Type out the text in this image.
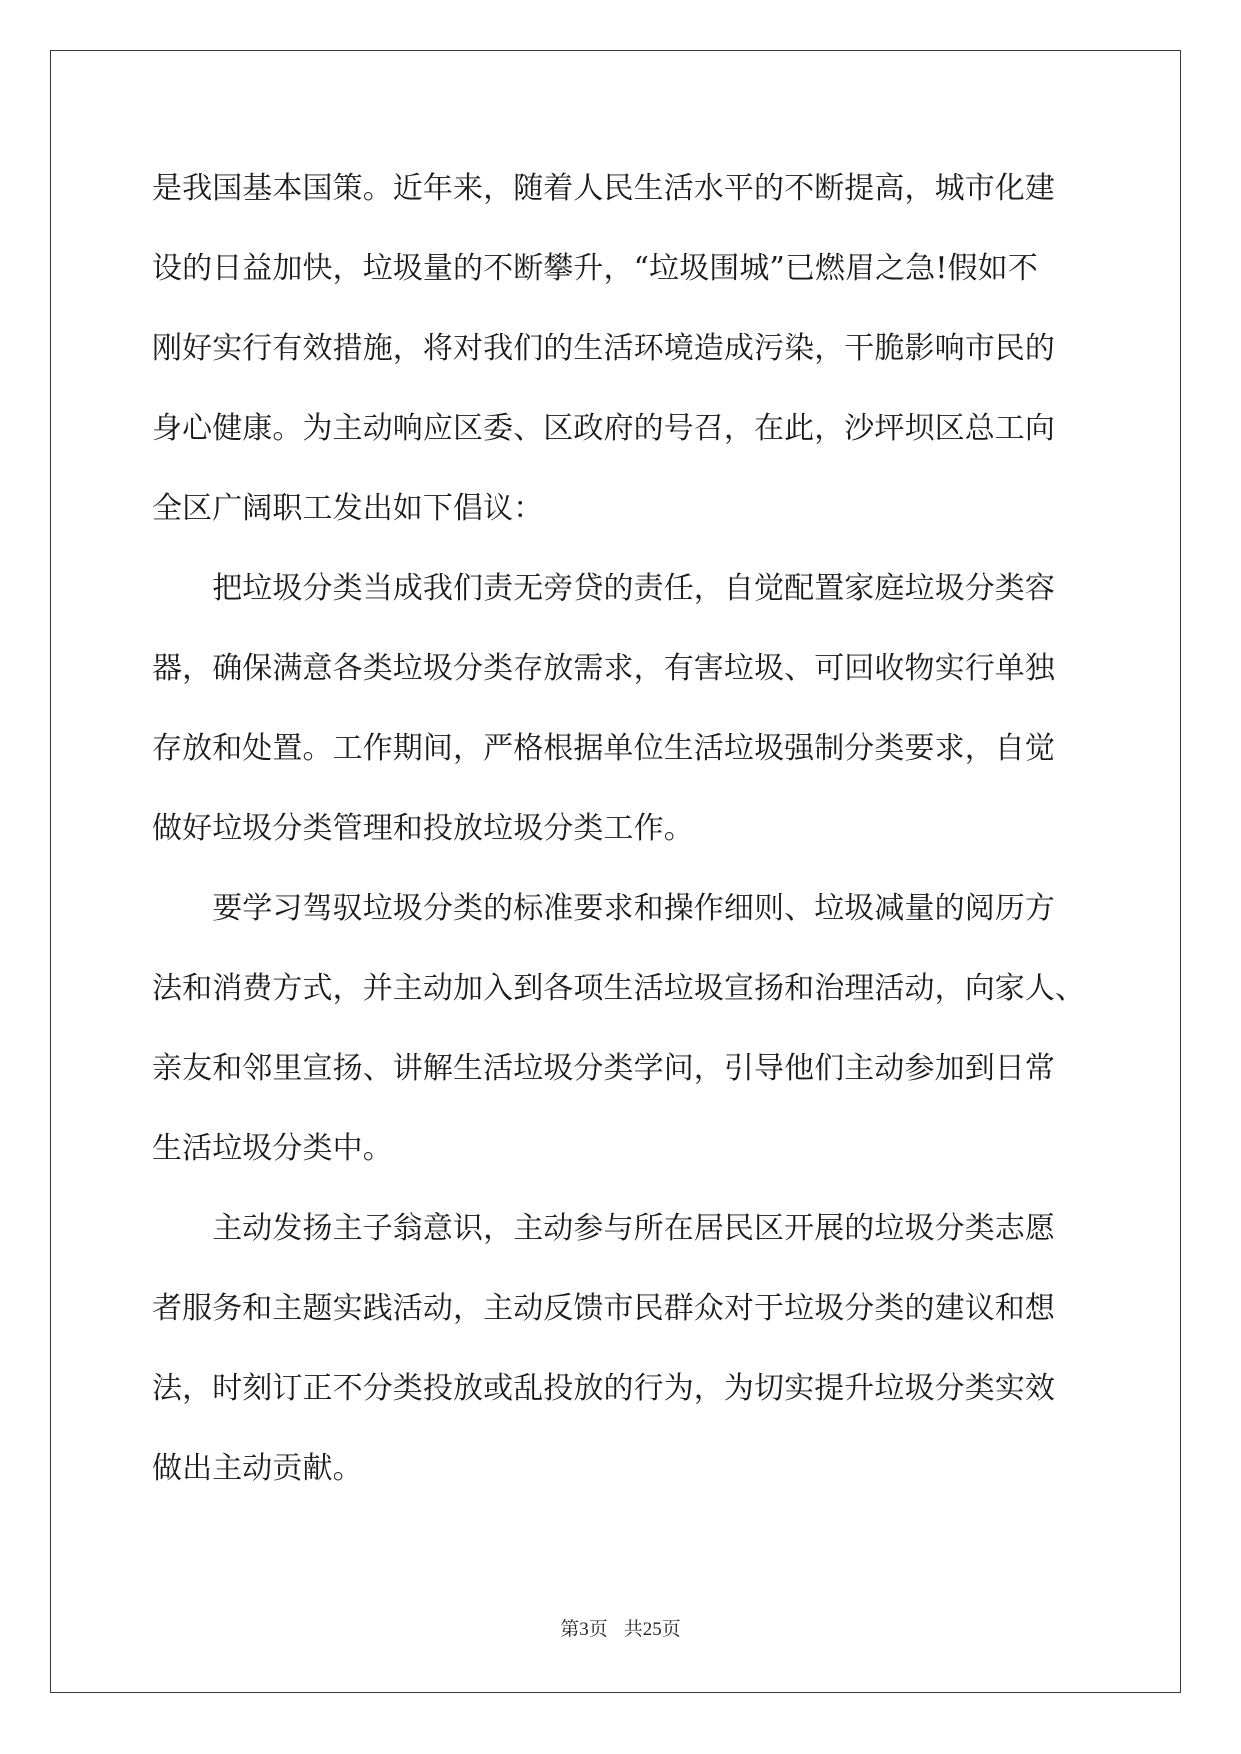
是我国基本国策。近年来，随着人民生活水平的不断提高，城市化建
设的日益加快，垃圾量的不断攀升，“垃圾围城”已燃眉之急!假如不
刚好实行有效措施，将对我们的生活环境造成污染，干脆影响市民的
身心健康。为主动响应区委、区政府的号召，在此，沙坪坝区总工向
全区广阔职工发出如下倡议：
　　把垃圾分类当成我们责无旁贷的责任，自觉配置家庭垃圾分类容
器，确保满意各类垃圾分类存放需求，有害垃圾、可回收物实行单独
存放和处置。工作期间，严格根据单位生活垃圾强制分类要求，自觉
做好垃圾分类管理和投放垃圾分类工作。
　　要学习驾驭垃圾分类的标准要求和操作细则、垃圾减量的阅历方
法和消费方式，并主动加入到各项生活垃圾宣扬和治理活动，向家人、
亲友和邻里宣扬、讲解生活垃圾分类学问，引导他们主动参加到日常
生活垃圾分类中。
　　主动发扬主子翁意识，主动参与所在居民区开展的垃圾分类志愿
者服务和主题实践活动，主动反馈市民群众对于垃圾分类的建议和想
法，时刻订正不分类投放或乱投放的行为，为切实提升垃圾分类实效
做出主动贡献。
第3页 共25页
